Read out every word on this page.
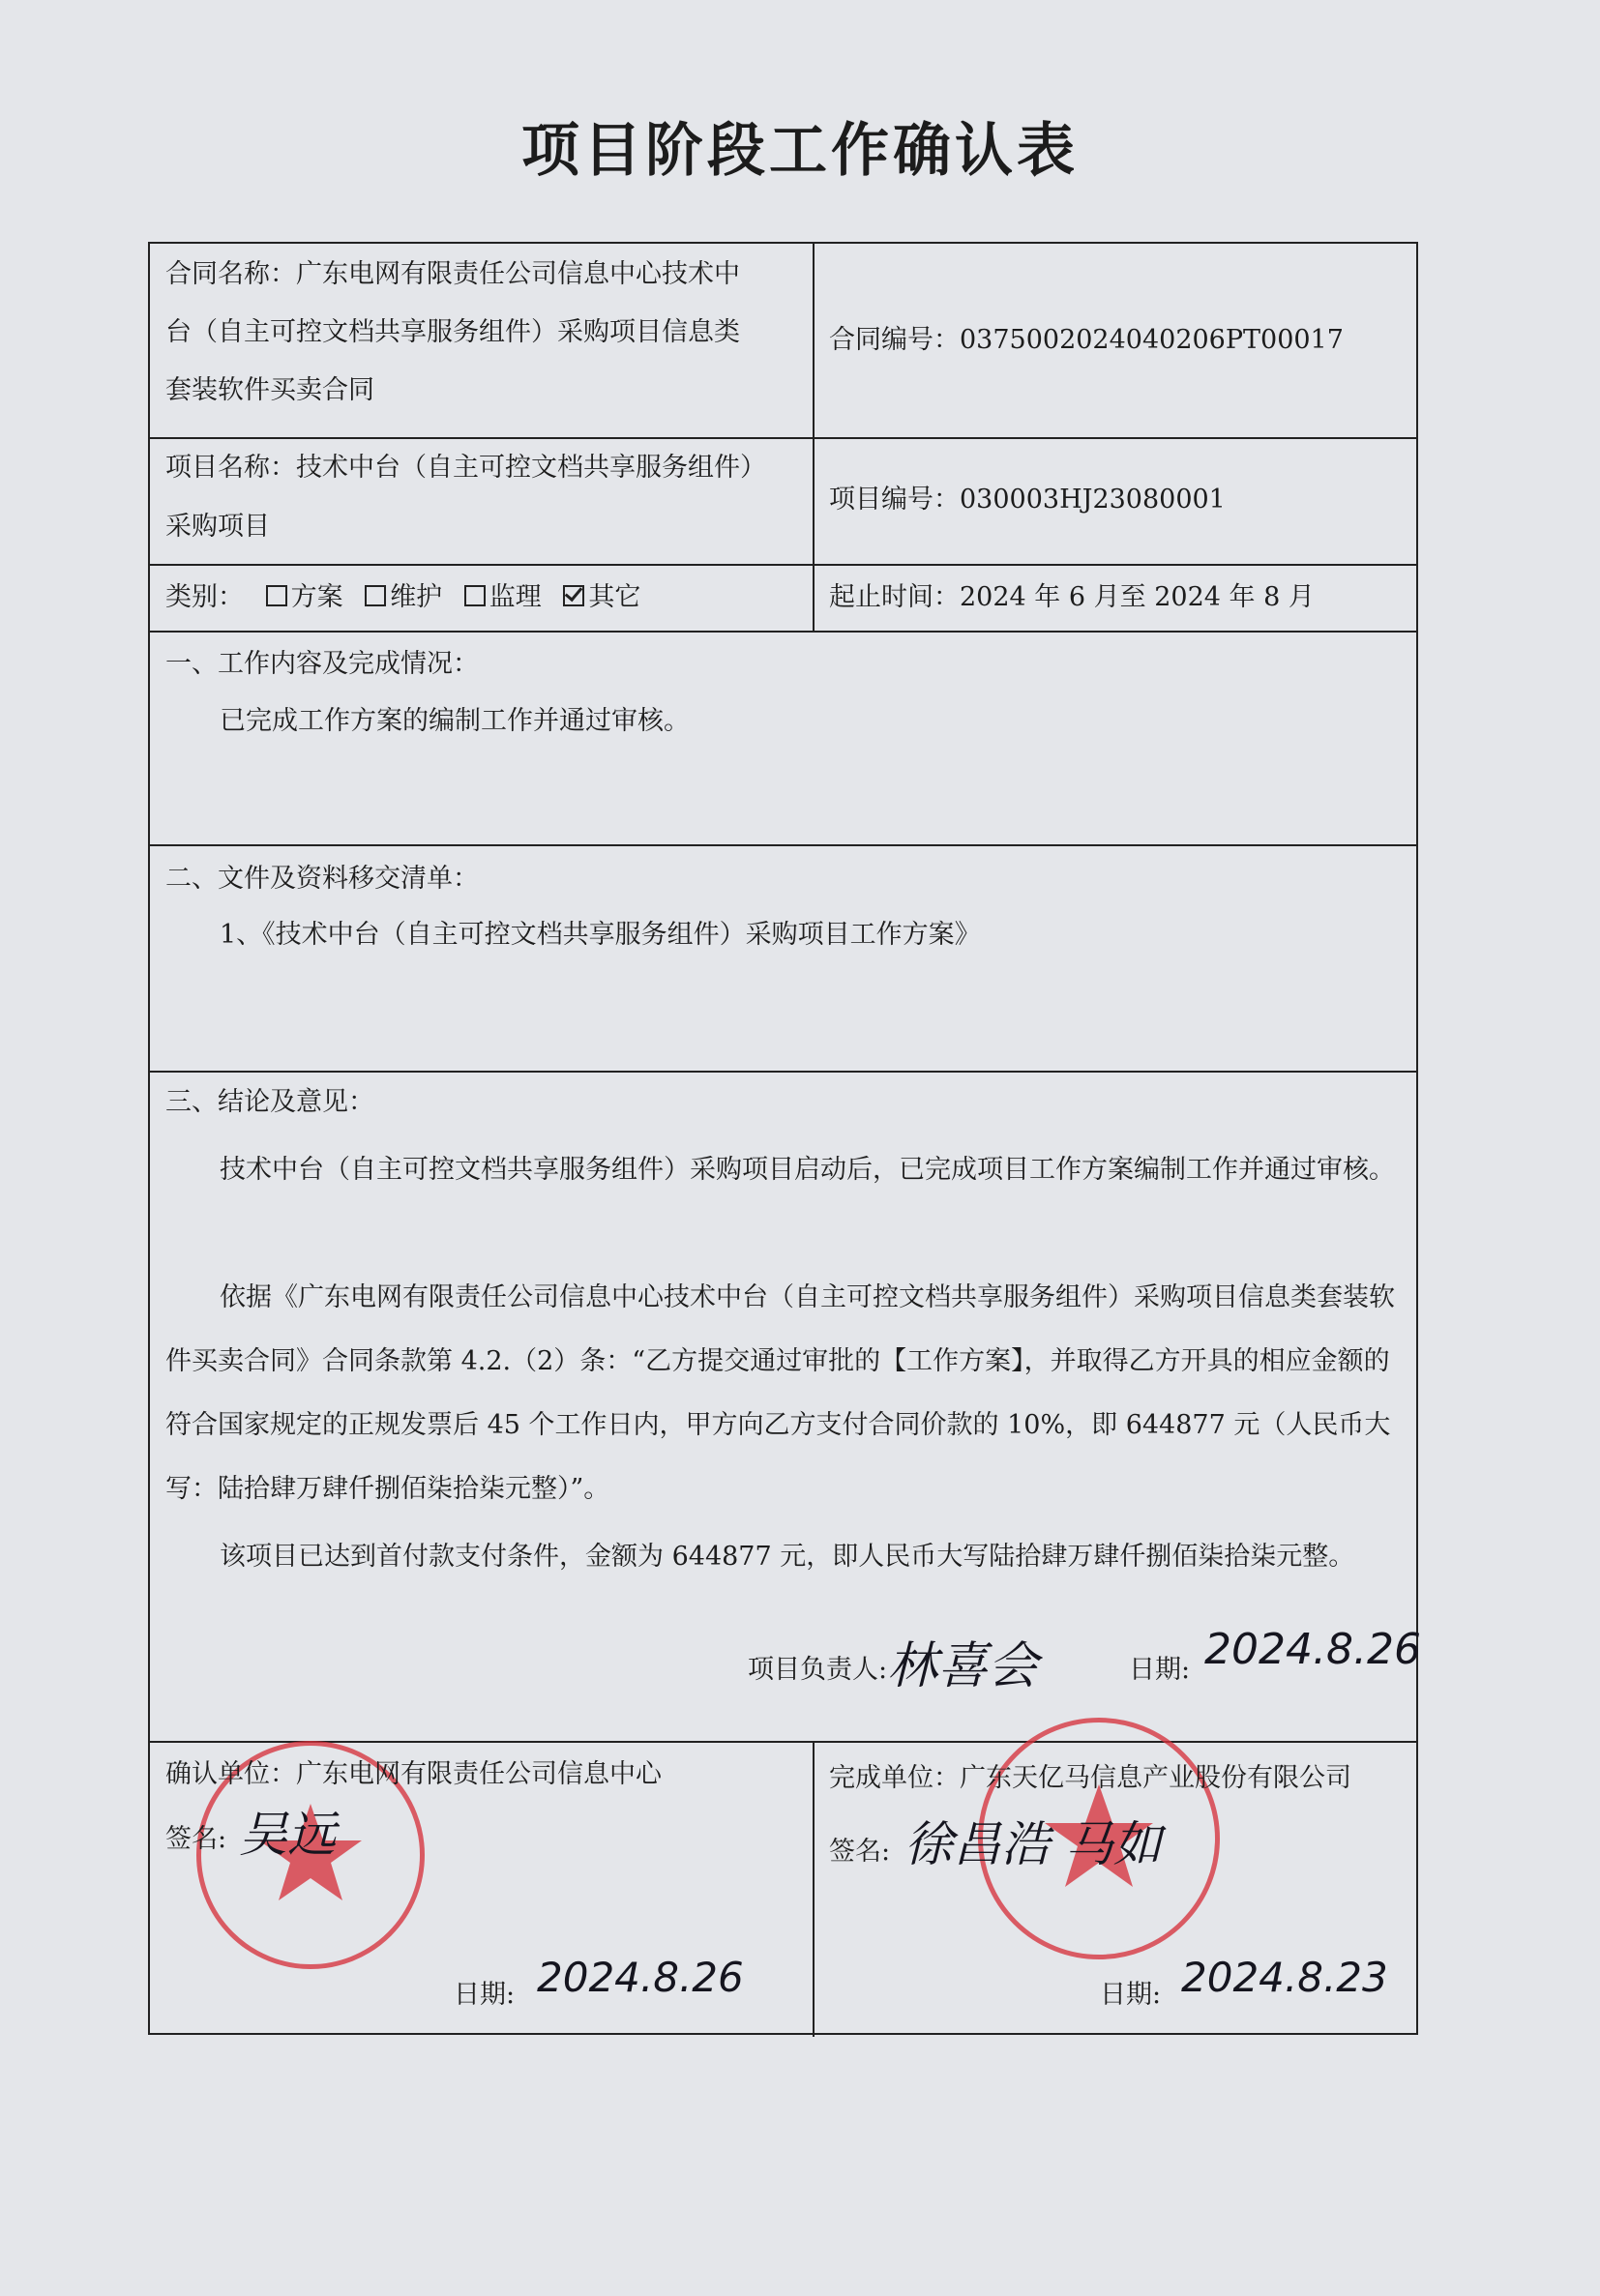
项目阶段工作确认表
合同名称：广东电网有限责任公司信息中心技术中
台（自主可控文档共享服务组件）采购项目信息类
套装软件买卖合同
合同编号：0375002024040206PT00017
项目名称：技术中台（自主可控文档共享服务组件）
采购项目
项目编号：030003HJ23080001
类别： 方案 维护 监理 其它	起止时间：2024 年 6 月至 2024 年 8 月
一、工作内容及完成情况：
已完成工作方案的编制工作并通过审核。
二、文件及资料移交清单：
1、《技术中台（自主可控文档共享服务组件）采购项目工作方案》
三、结论及意见：
技术中台（自主可控文档共享服务组件）采购项目启动后，已完成项目工作方案编制工作并通过审核。
依据《广东电网有限责任公司信息中心技术中台（自主可控文档共享服务组件）采购项目信息类套装软件买卖合同》合同条款第 4.2.（2）条：“乙方提交通过审批的【工作方案】，并取得乙方开具的相应金额的符合国家规定的正规发票后 45 个工作日内，甲方向乙方支付合同价款的 10%，即 644877 元（人民币大写：陆拾肆万肆仟捌佰柒拾柒元整）”。
该项目已达到首付款支付条件，金额为 644877 元，即人民币大写陆拾肆万肆仟捌佰柒拾柒元整。
项目负责人: 林喜会	日期: 2024.8.26
确认单位：广东电网有限责任公司信息中心
签名: 吴远
日期: 2024.8.26
完成单位：广东天亿马信息产业股份有限公司
签名: 徐昌浩 马如
日期: 2024.8.23
